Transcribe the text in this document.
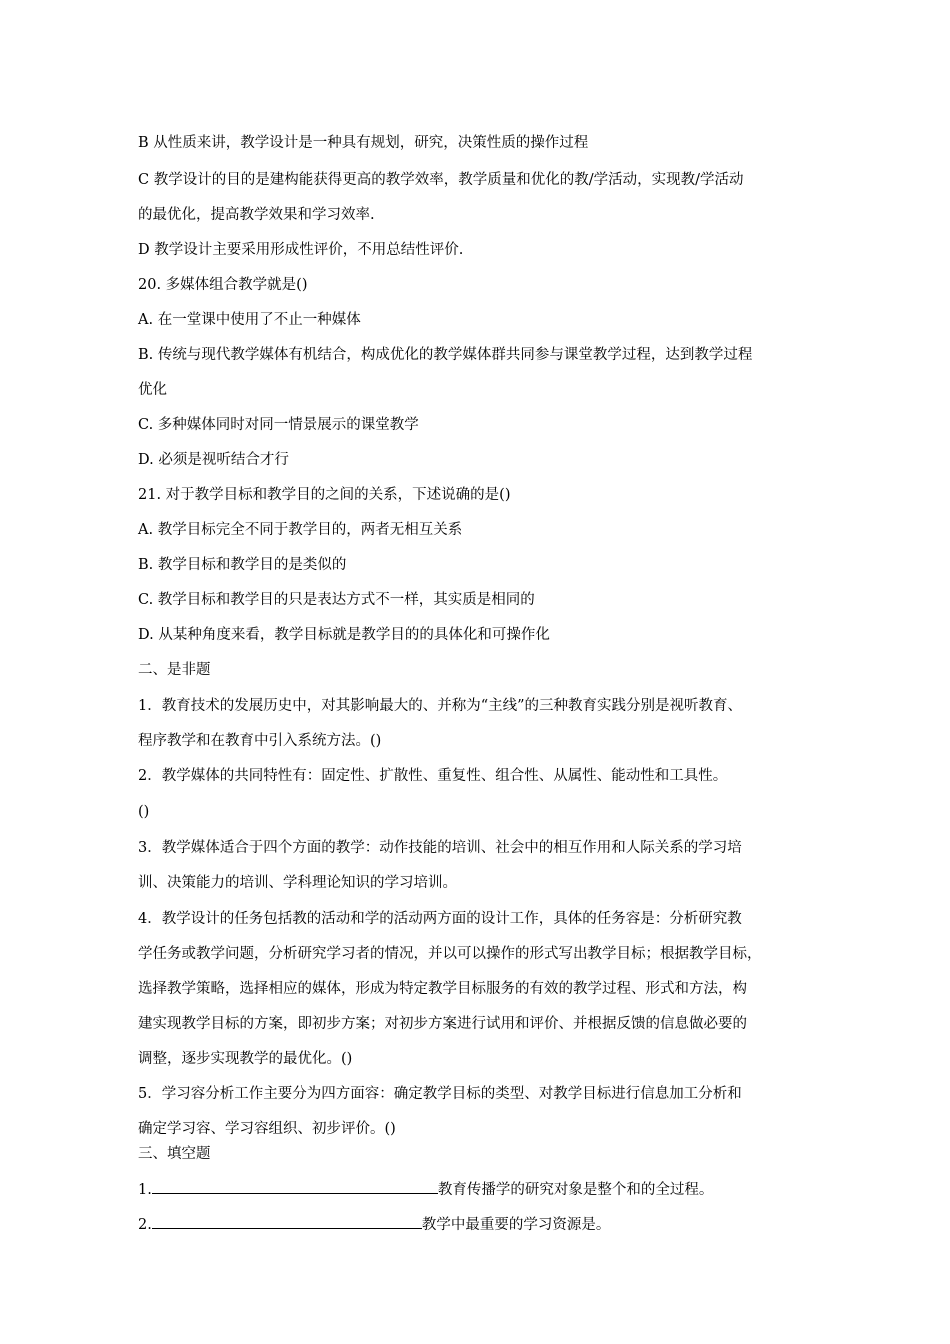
B 从性质来讲，教学设计是一种具有规划，研究，决策性质的操作过程

C 教学设计的目的是建构能获得更高的教学效率，教学质量和优化的教/学活动，实现教/学活动

的最优化，提高教学效果和学习效率.

D 教学设计主要采用形成性评价，不用总结性评价.

20. 多媒体组合教学就是()

A. 在一堂课中使用了不止一种媒体

B. 传统与现代教学媒体有机结合，构成优化的教学媒体群共同参与课堂教学过程，达到教学过程

优化

C. 多种媒体同时对同一情景展示的课堂教学

D. 必须是视听结合才行

21. 对于教学目标和教学目的之间的关系，下述说确的是()

A. 教学目标完全不同于教学目的，两者无相互关系

B. 教学目标和教学目的是类似的

C. 教学目标和教学目的只是表达方式不一样，其实质是相同的

D. 从某种角度来看，教学目标就是教学目的的具体化和可操作化

二、是非题

1．教育技术的发展历史中，对其影响最大的、并称为“主线”的三种教育实践分别是视听教育、

程序教学和在教育中引入系统方法。()

2．教学媒体的共同特性有：固定性、扩散性、重复性、组合性、从属性、能动性和工具性。

()

3．教学媒体适合于四个方面的教学：动作技能的培训、社会中的相互作用和人际关系的学习培

训、决策能力的培训、学科理论知识的学习培训。

4．教学设计的任务包括教的活动和学的活动两方面的设计工作，具体的任务容是：分析研究教

学任务或教学问题，分析研究学习者的情况，并以可以操作的形式写出教学目标；根据教学目标，

选择教学策略，选择相应的媒体，形成为特定教学目标服务的有效的教学过程、形式和方法，构

建实现教学目标的方案，即初步方案；对初步方案进行试用和评价、并根据反馈的信息做必要的

调整，逐步实现教学的最优化。()

5．学习容分析工作主要分为四方面容：确定教学目标的类型、对教学目标进行信息加工分析和

确定学习容、学习容组织、初步评价。()

三、填空题

1.	教育传播学的研究对象是整个和的全过程。

2.	教学中最重要的学习资源是。
